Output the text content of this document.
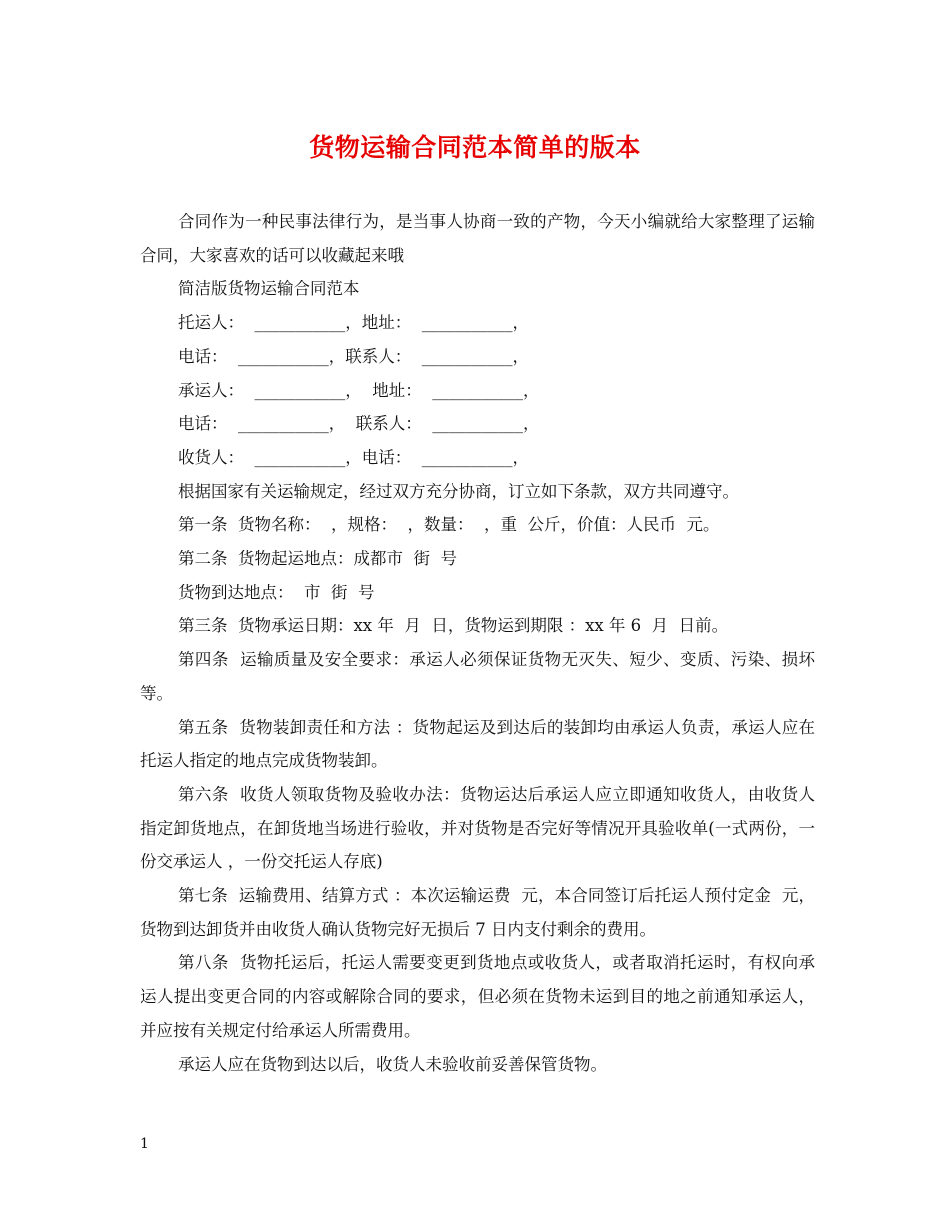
货物运输合同范本简单的版本

合同作为一种民事法律行为，是当事人协商一致的产物，今天小编就给大家整理了运输合同，大家喜欢的话可以收藏起来哦

简洁版货物运输合同范本

托运人：  ___________，地址：  ___________，

电话：  ___________，联系人：  ___________，

承运人：  ___________，  地址：  ___________，

电话：  ___________，  联系人：  ___________，

收货人：  ___________，电话：  ___________，

根据国家有关运输规定，经过双方充分协商，订立如下条款，双方共同遵守。

第一条  货物名称：  ，规格：  ，数量：  ，重  公斤，价值：人民币  元。

第二条  货物起运地点：成都市  街  号

货物到达地点：  市  街  号

第三条  货物承运日期：xx 年  月  日，货物运到期限 ：xx 年 6  月  日前。

第四条  运输质量及安全要求：承运人必须保证货物无灭失、短少、变质、污染、损坏等。

第五条  货物装卸责任和方法 ：货物起运及到达后的装卸均由承运人负责，承运人应在托运人指定的地点完成货物装卸。

第六条  收货人领取货物及验收办法：货物运达后承运人应立即通知收货人，由收货人指定卸货地点，在卸货地当场进行验收，并对货物是否完好等情况开具验收单(一式两份，一份交承运人 ，一份交托运人存底)

第七条  运输费用、结算方式 ：本次运输运费  元，本合同签订后托运人预付定金  元，货物到达卸货并由收货人确认货物完好无损后 7 日内支付剩余的费用。

第八条  货物托运后，托运人需要变更到货地点或收货人，或者取消托运时，有权向承运人提出变更合同的内容或解除合同的要求，但必须在货物未运到目的地之前通知承运人，并应按有关规定付给承运人所需费用。

承运人应在货物到达以后，收货人未验收前妥善保管货物。

1
